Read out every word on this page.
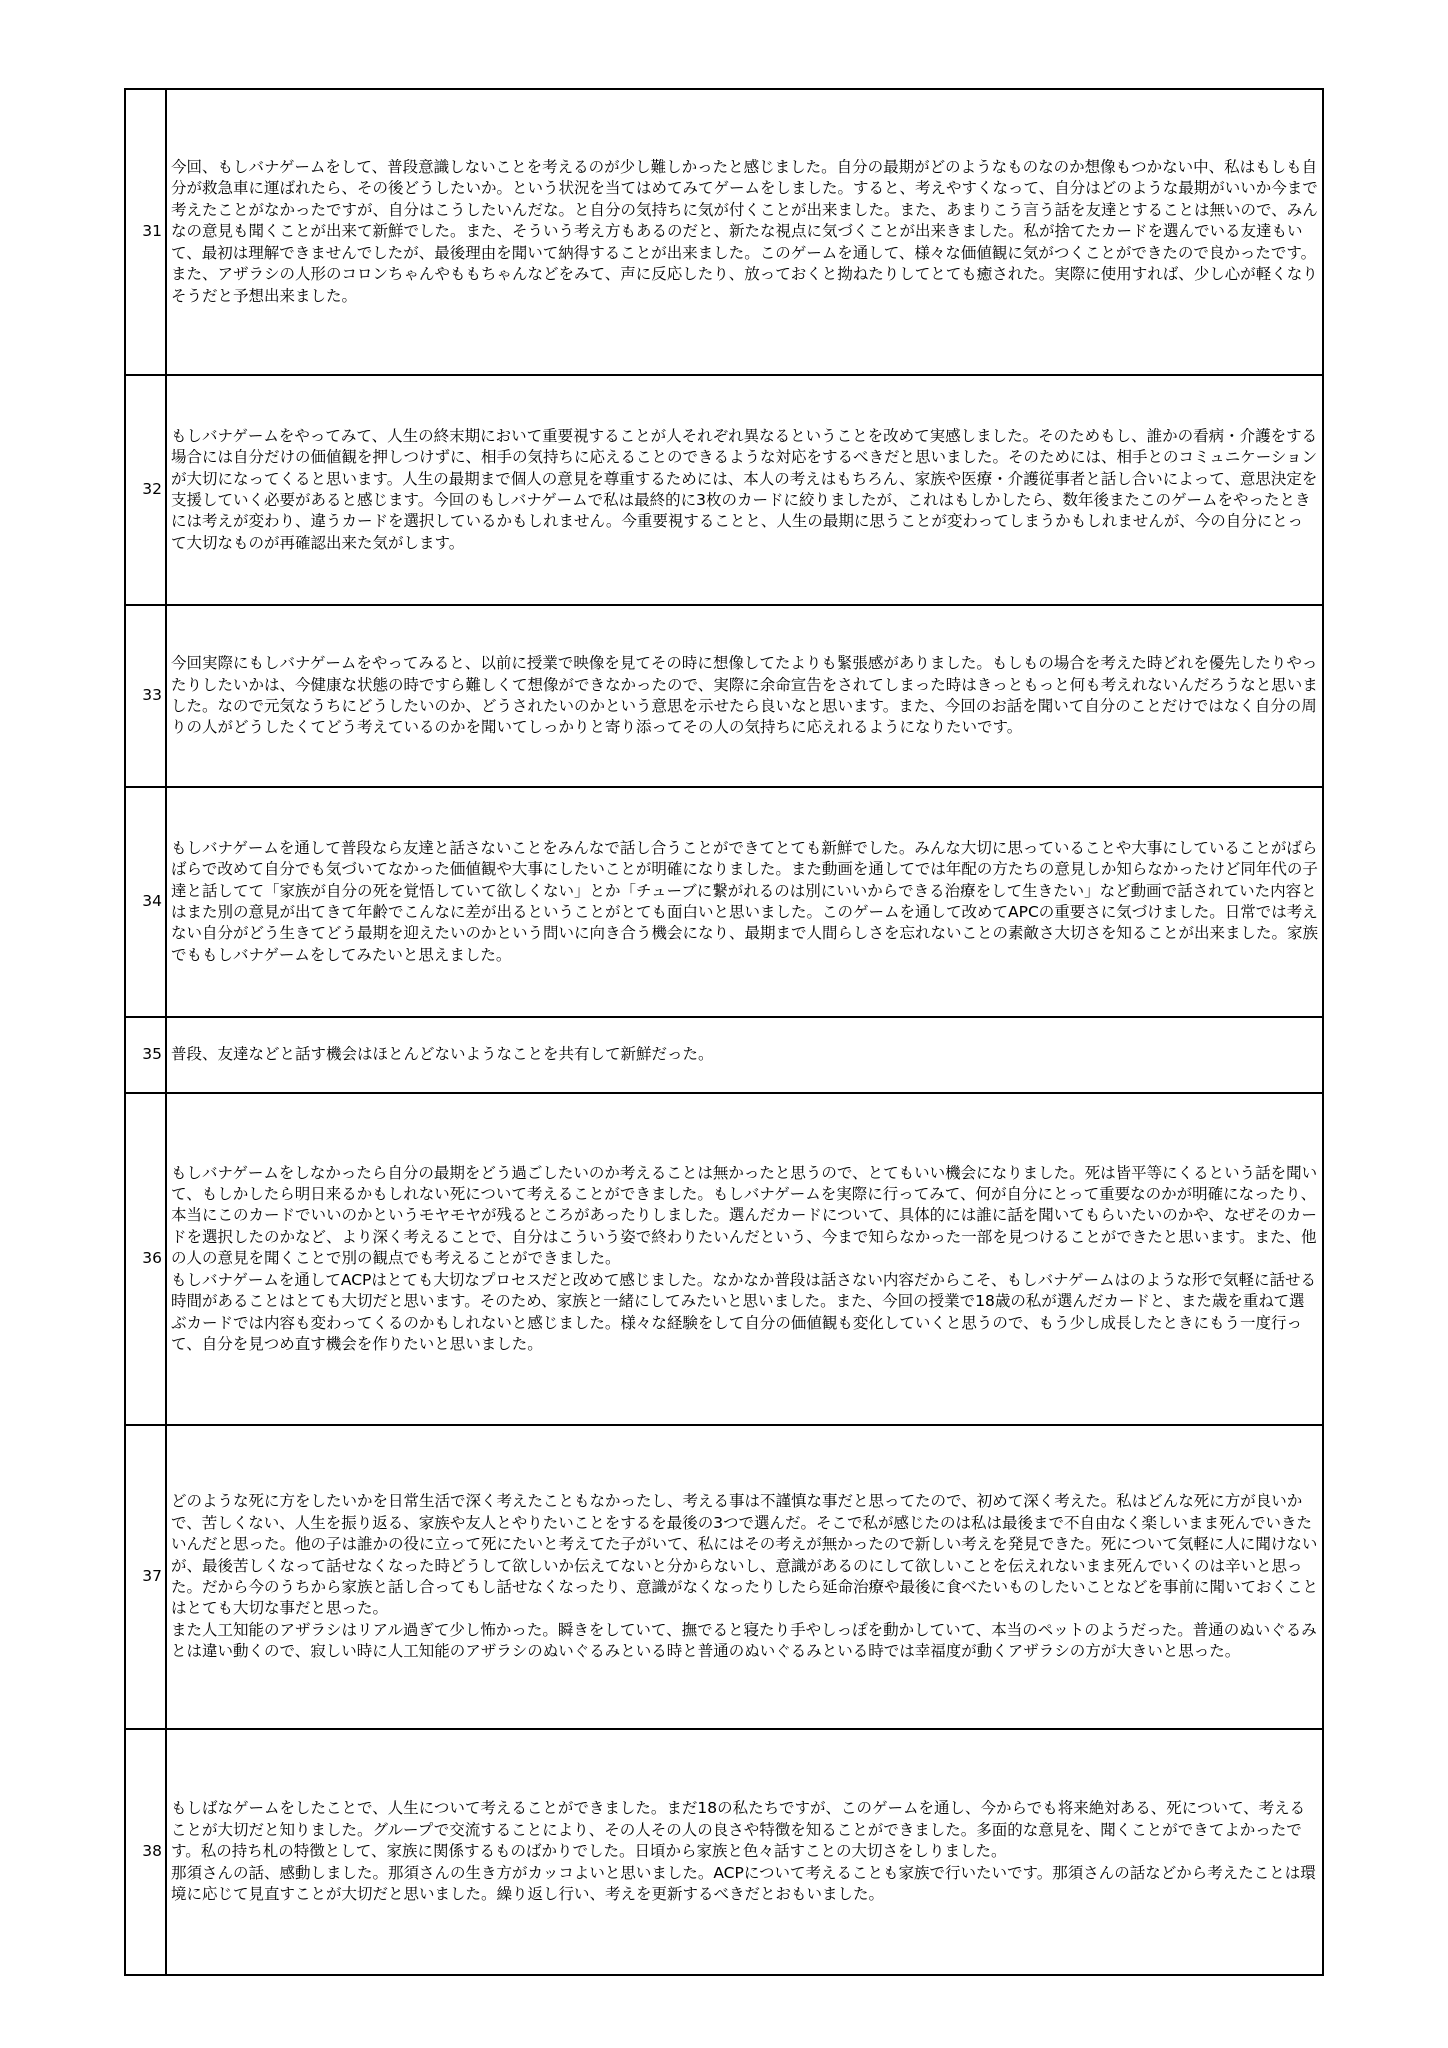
31	今回、もしバナゲームをして、普段意識しないことを考えるのが少し難しかったと感じました。自分の最期がどのようなものなのか想像もつかない中、私はもしも自分が救急車に運ばれたら、その後どうしたいか。という状況を当てはめてみてゲームをしました。すると、考えやすくなって、自分はどのような最期がいいか今まで考えたことがなかったですが、自分はこうしたいんだな。と自分の気持ちに気が付くことが出来ました。また、あまりこう言う話を友達とすることは無いので、みんなの意見も聞くことが出来て新鮮でした。また、そういう考え方もあるのだと、新たな視点に気づくことが出来きました。私が捨てたカードを選んでいる友達もいて、最初は理解できませんでしたが、最後理由を聞いて納得することが出来ました。このゲームを通して、様々な価値観に気がつくことができたので良かったです。
また、アザラシの人形のコロンちゃんやももちゃんなどをみて、声に反応したり、放っておくと拗ねたりしてとても癒された。実際に使用すれば、少し心が軽くなりそうだと予想出来ました。

32	もしバナゲームをやってみて、人生の終末期において重要視することが人それぞれ異なるということを改めて実感しました。そのためもし、誰かの看病・介護をする場合には自分だけの価値観を押しつけずに、相手の気持ちに応えることのできるような対応をするべきだと思いました。そのためには、相手とのコミュニケーションが大切になってくると思います。人生の最期まで個人の意見を尊重するためには、本人の考えはもちろん、家族や医療・介護従事者と話し合いによって、意思決定を支援していく必要があると感じます。今回のもしバナゲームで私は最終的に3枚のカードに絞りましたが、これはもしかしたら、数年後またこのゲームをやったときには考えが変わり、違うカードを選択しているかもしれません。今重要視することと、人生の最期に思うことが変わってしまうかもしれませんが、今の自分にとって大切なものが再確認出来た気がします。

33	今回実際にもしバナゲームをやってみると、以前に授業で映像を見てその時に想像してたよりも緊張感がありました。もしもの場合を考えた時どれを優先したりやったりしたいかは、今健康な状態の時ですら難しくて想像ができなかったので、実際に余命宣告をされてしまった時はきっともっと何も考えれないんだろうなと思いました。なので元気なうちにどうしたいのか、どうされたいのかという意思を示せたら良いなと思います。また、今回のお話を聞いて自分のことだけではなく自分の周りの人がどうしたくてどう考えているのかを聞いてしっかりと寄り添ってその人の気持ちに応えれるようになりたいです。

34	もしバナゲームを通して普段なら友達と話さないことをみんなで話し合うことができてとても新鮮でした。みんな大切に思っていることや大事にしていることがばらばらで改めて自分でも気づいてなかった価値観や大事にしたいことが明確になりました。また動画を通してでは年配の方たちの意見しか知らなかったけど同年代の子達と話してて「家族が自分の死を覚悟していて欲しくない」とか「チューブに繋がれるのは別にいいからできる治療をして生きたい」など動画で話されていた内容とはまた別の意見が出てきて年齢でこんなに差が出るということがとても面白いと思いました。このゲームを通して改めてAPCの重要さに気づけました。日常では考えない自分がどう生きてどう最期を迎えたいのかという問いに向き合う機会になり、最期まで人間らしさを忘れないことの素敵さ大切さを知ることが出来ました。家族でももしバナゲームをしてみたいと思えました。

35	普段、友達などと話す機会はほとんどないようなことを共有して新鮮だった。

36	もしバナゲームをしなかったら自分の最期をどう過ごしたいのか考えることは無かったと思うので、とてもいい機会になりました。死は皆平等にくるという話を聞いて、もしかしたら明日来るかもしれない死について考えることができました。もしバナゲームを実際に行ってみて、何が自分にとって重要なのかが明確になったり、本当にこのカードでいいのかというモヤモヤが残るところがあったりしました。選んだカードについて、具体的には誰に話を聞いてもらいたいのかや、なぜそのカードを選択したのかなど、より深く考えることで、自分はこういう姿で終わりたいんだという、今まで知らなかった一部を見つけることができたと思います。また、他の人の意見を聞くことで別の観点でも考えることができました。
もしバナゲームを通してACPはとても大切なプロセスだと改めて感じました。なかなか普段は話さない内容だからこそ、もしバナゲームはのような形で気軽に話せる時間があることはとても大切だと思います。そのため、家族と一緒にしてみたいと思いました。また、今回の授業で18歳の私が選んだカードと、また歳を重ねて選ぶカードでは内容も変わってくるのかもしれないと感じました。様々な経験をして自分の価値観も変化していくと思うので、もう少し成長したときにもう一度行って、自分を見つめ直す機会を作りたいと思いました。

37	どのような死に方をしたいかを日常生活で深く考えたこともなかったし、考える事は不謹慎な事だと思ってたので、初めて深く考えた。私はどんな死に方が良いかで、苦しくない、人生を振り返る、家族や友人とやりたいことをするを最後の3つで選んだ。そこで私が感じたのは私は最後まで不自由なく楽しいまま死んでいきたいんだと思った。他の子は誰かの役に立って死にたいと考えてた子がいて、私にはその考えが無かったので新しい考えを発見できた。死について気軽に人に聞けないが、最後苦しくなって話せなくなった時どうして欲しいか伝えてないと分からないし、意識があるのにして欲しいことを伝えれないまま死んでいくのは辛いと思った。だから今のうちから家族と話し合ってもし話せなくなったり、意識がなくなったりしたら延命治療や最後に食べたいものしたいことなどを事前に聞いておくことはとても大切な事だと思った。
また人工知能のアザラシはリアル過ぎて少し怖かった。瞬きをしていて、撫でると寝たり手やしっぽを動かしていて、本当のペットのようだった。普通のぬいぐるみとは違い動くので、寂しい時に人工知能のアザラシのぬいぐるみといる時と普通のぬいぐるみといる時では幸福度が動くアザラシの方が大きいと思った。

38	もしばなゲームをしたことで、人生について考えることができました。まだ18の私たちですが、このゲームを通し、今からでも将来絶対ある、死について、考えることが大切だと知りました。グループで交流することにより、その人その人の良さや特徴を知ることができました。多面的な意見を、聞くことができてよかったです。私の持ち札の特徴として、家族に関係するものばかりでした。日頃から家族と色々話すことの大切さをしりました。
那須さんの話、感動しました。那須さんの生き方がカッコよいと思いました。ACPについて考えることも家族で行いたいです。那須さんの話などから考えたことは環境に応じて見直すことが大切だと思いました。繰り返し行い、考えを更新するべきだとおもいました。
